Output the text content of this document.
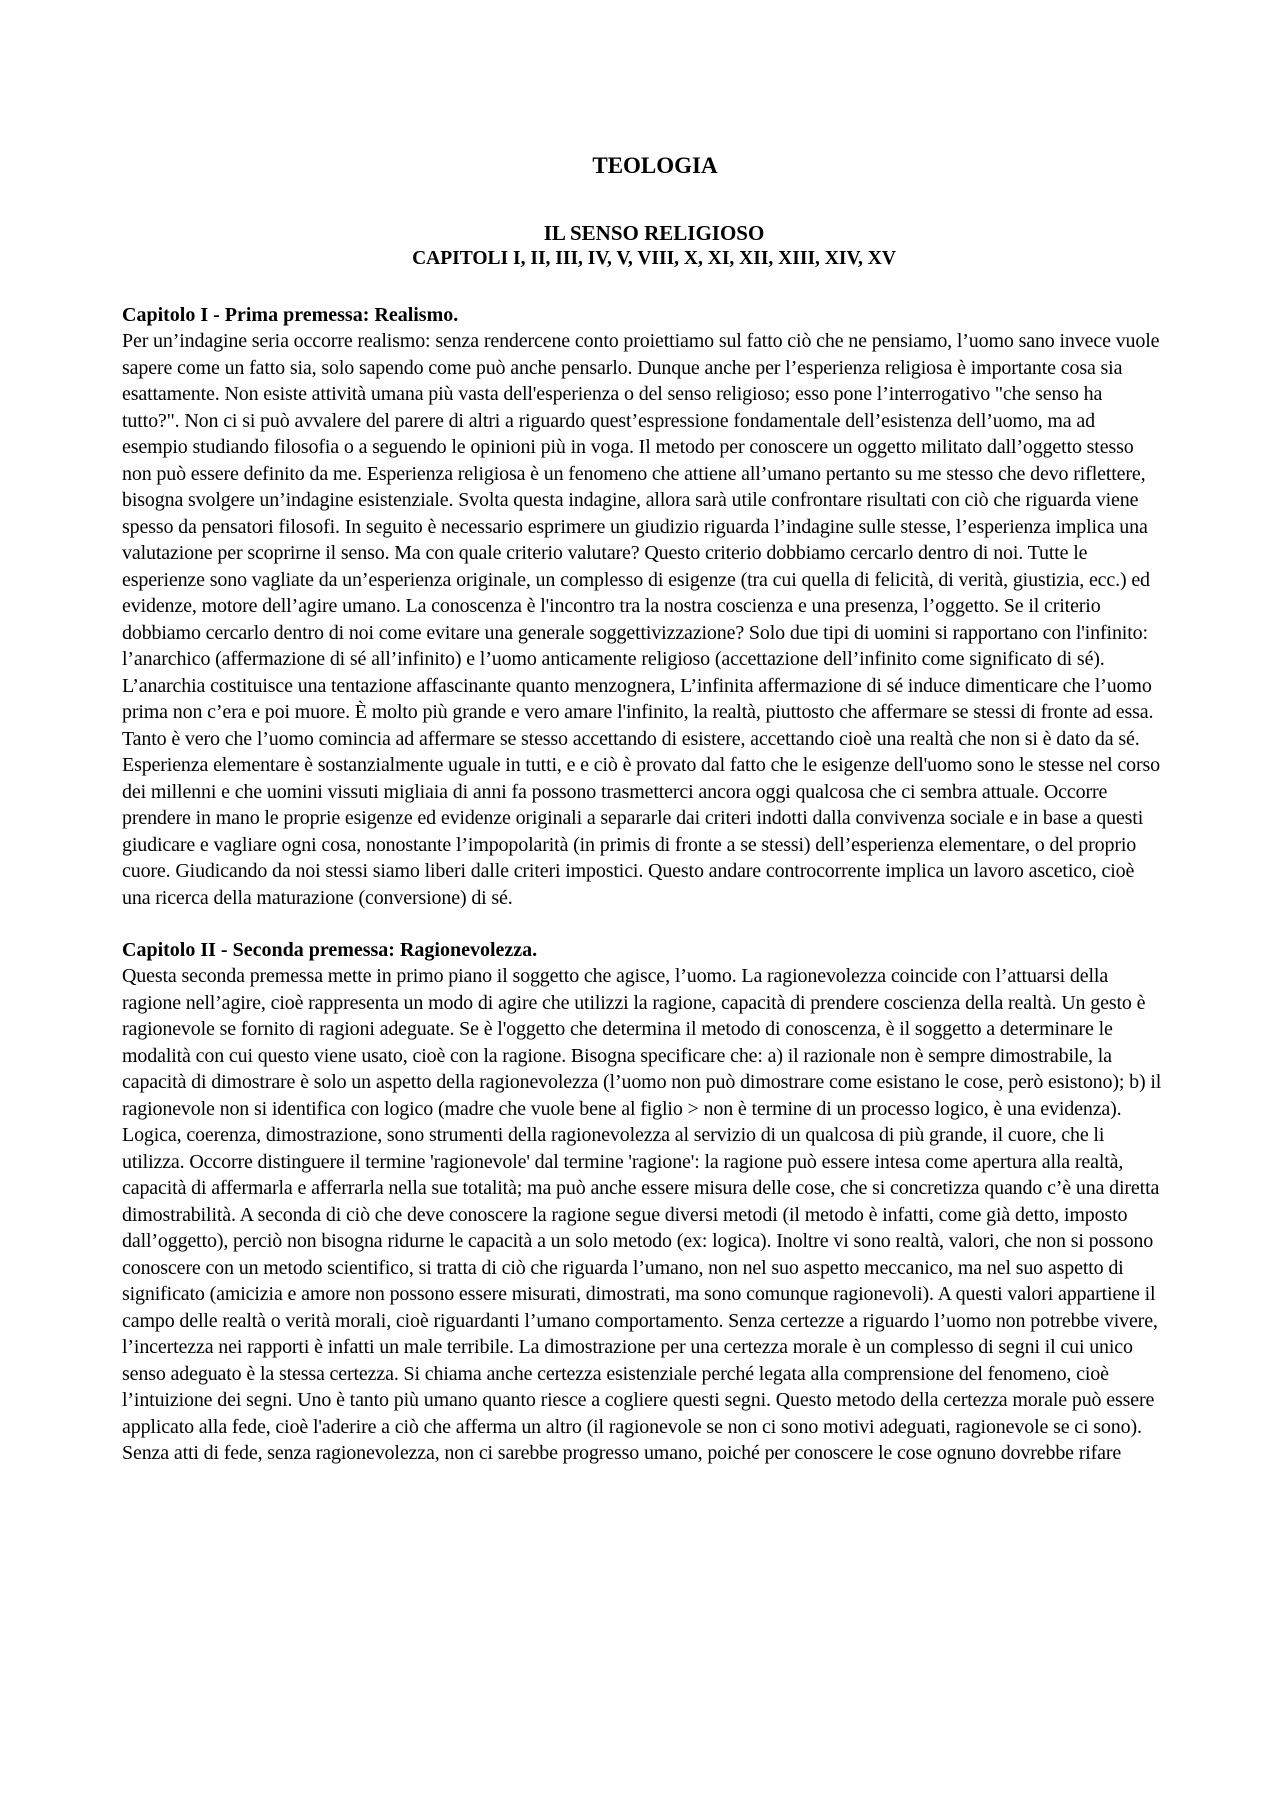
TEOLOGIA
IL SENSO RELIGIOSO
CAPITOLI I, II, III, IV, V, VIII, X, XI, XII, XIII, XIV, XV

Capitolo I - Prima premessa: Realismo.

Per un’indagine seria occorre realismo: senza rendercene conto proiettiamo sul fatto ciò che ne pensiamo, l’uomo sano invece vuole sapere come un fatto sia, solo sapendo come può anche pensarlo. Dunque anche per l’esperienza religiosa è importante cosa sia esattamente. Non esiste attività umana più vasta dell'esperienza o del senso religioso; esso pone l’interrogativo "che senso ha tutto?". Non ci si può avvalere del parere di altri a riguardo quest’espressione fondamentale dell’esistenza dell’uomo, ma ad esempio studiando filosofia o a seguendo le opinioni più in voga. Il metodo per conoscere un oggetto militato dall’oggetto stesso non può essere definito da me. Esperienza religiosa è un fenomeno che attiene all’umano pertanto su me stesso che devo riflettere, bisogna svolgere un’indagine esistenziale. Svolta questa indagine, allora sarà utile confrontare risultati con ciò che riguarda viene spesso da pensatori filosofi. In seguito è necessario esprimere un giudizio riguarda l’indagine sulle stesse, l’esperienza implica una valutazione per scoprirne il senso. Ma con quale criterio valutare? Questo criterio dobbiamo cercarlo dentro di noi. Tutte le esperienze sono vagliate da un’esperienza originale, un complesso di esigenze (tra cui quella di felicità, di verità, giustizia, ecc.) ed evidenze, motore dell’agire umano. La conoscenza è l'incontro tra la nostra coscienza e una presenza, l’oggetto. Se il criterio dobbiamo cercarlo dentro di noi come evitare una generale soggettivizzazione? Solo due tipi di uomini si rapportano con l'infinito: l’anarchico (affermazione di sé all’infinito) e l’uomo anticamente religioso (accettazione dell’infinito come significato di sé). L’anarchia costituisce una tentazione affascinante quanto menzognera, L’infinita affermazione di sé induce dimenticare che l’uomo prima non c’era e poi muore. È molto più grande e vero amare l'infinito, la realtà, piuttosto che affermare se stessi di fronte ad essa. Tanto è vero che l’uomo comincia ad affermare se stesso accettando di esistere, accettando cioè una realtà che non si è dato da sé. Esperienza elementare è sostanzialmente uguale in tutti, e e ciò è provato dal fatto che le esigenze dell'uomo sono le stesse nel corso dei millenni e che uomini vissuti migliaia di anni fa possono trasmetterci ancora oggi qualcosa che ci sembra attuale. Occorre prendere in mano le proprie esigenze ed evidenze originali a separarle dai criteri indotti dalla convivenza sociale e in base a questi giudicare e vagliare ogni cosa, nonostante l’impopolarità (in primis di fronte a se stessi) dell’esperienza elementare, o del proprio cuore. Giudicando da noi stessi siamo liberi dalle criteri impostici. Questo andare controcorrente implica un lavoro ascetico, cioè una ricerca della maturazione (conversione) di sé.

Capitolo II - Seconda premessa: Ragionevolezza.

Questa seconda premessa mette in primo piano il soggetto che agisce, l’uomo. La ragionevolezza coincide con l’attuarsi della ragione nell’agire, cioè rappresenta un modo di agire che utilizzi la ragione, capacità di prendere coscienza della realtà. Un gesto è ragionevole se fornito di ragioni adeguate. Se è l'oggetto che determina il metodo di conoscenza, è il soggetto a determinare le modalità con cui questo viene usato, cioè con la ragione. Bisogna specificare che: a) il razionale non è sempre dimostrabile, la capacità di dimostrare è solo un aspetto della ragionevolezza (l’uomo non può dimostrare come esistano le cose, però esistono); b) il ragionevole non si identifica con logico (madre che vuole bene al figlio > non è termine di un processo logico, è una evidenza). Logica, coerenza, dimostrazione, sono strumenti della ragionevolezza al servizio di un qualcosa di più grande, il cuore, che li utilizza. Occorre distinguere il termine 'ragionevole' dal termine 'ragione': la ragione può essere intesa come apertura alla realtà, capacità di affermarla e afferrarla nella sue totalità; ma può anche essere misura delle cose, che si concretizza quando c’è una diretta dimostrabilità. A seconda di ciò che deve conoscere la ragione segue diversi metodi (il metodo è infatti, come già detto, imposto dall’oggetto), perciò non bisogna ridurne le capacità a un solo metodo (ex: logica). Inoltre vi sono realtà, valori, che non si possono conoscere con un metodo scientifico, si tratta di ciò che riguarda l’umano, non nel suo aspetto meccanico, ma nel suo aspetto di significato (amicizia e amore non possono essere misurati, dimostrati, ma sono comunque ragionevoli). A questi valori appartiene il campo delle realtà o verità morali, cioè riguardanti l’umano comportamento. Senza certezze a riguardo l’uomo non potrebbe vivere, l’incertezza nei rapporti è infatti un male terribile. La dimostrazione per una certezza morale è un complesso di segni il cui unico senso adeguato è la stessa certezza. Si chiama anche certezza esistenziale perché legata alla comprensione del fenomeno, cioè l’intuizione dei segni. Uno è tanto più umano quanto riesce a cogliere questi segni. Questo metodo della certezza morale può essere applicato alla fede, cioè l'aderire a ciò che afferma un altro (il ragionevole se non ci sono motivi adeguati, ragionevole se ci sono). Senza atti di fede, senza ragionevolezza, non ci sarebbe progresso umano, poiché per conoscere le cose ognuno dovrebbe rifare
